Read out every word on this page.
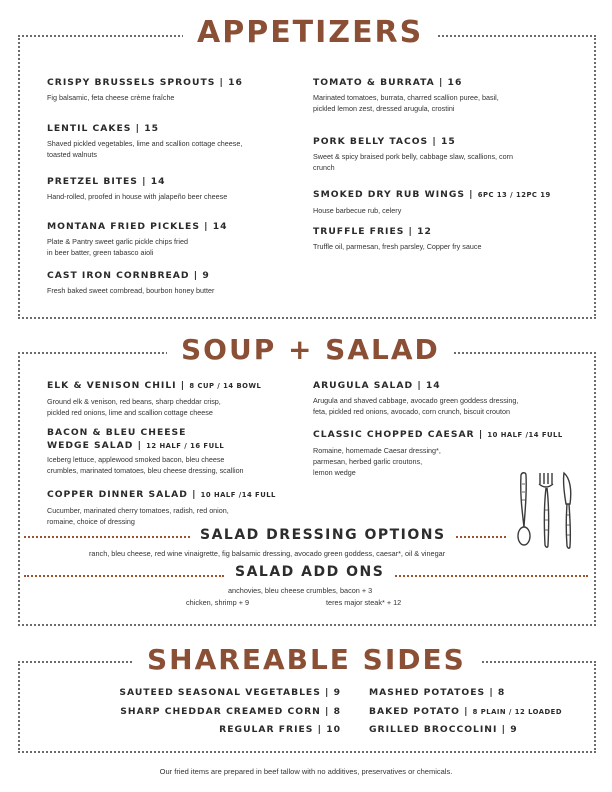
APPETIZERS
CRISPY BRUSSELS SPROUTS | 16
Fig balsamic, feta cheese crème fraîche
LENTIL CAKES | 15
Shaved pickled vegetables, lime and scallion cottage cheese,
toasted walnuts
PRETZEL BITES | 14
Hand-rolled, proofed in house with jalapeño beer cheese
MONTANA FRIED PICKLES | 14
Plate & Pantry sweet garlic pickle chips fried
in beer batter, green tabasco aioli
CAST IRON CORNBREAD | 9
Fresh baked sweet cornbread, bourbon honey butter
TOMATO & BURRATA | 16
Marinated tomatoes, burrata, charred scallion puree, basil,
pickled lemon zest, dressed arugula, crostini
PORK BELLY TACOS | 15
Sweet & spicy braised pork belly, cabbage slaw, scallions, corn
crunch
SMOKED DRY RUB WINGS | 6PC 13 / 12PC 19
House barbecue rub, celery
TRUFFLE FRIES | 12
Truffle oil, parmesan, fresh parsley, Copper fry sauce
SOUP + SALAD
ELK & VENISON CHILI | 8 CUP / 14 BOWL
Ground elk & venison, red beans, sharp cheddar crisp,
pickled red onions, lime and scallion cottage cheese
BACON & BLEU CHEESE
WEDGE SALAD | 12 HALF / 16 FULL
Iceberg lettuce, applewood smoked bacon, bleu cheese
crumbles, marinated tomatoes, bleu cheese dressing, scallion
COPPER DINNER SALAD | 10 HALF /14 FULL
Cucumber, marinated cherry tomatoes, radish, red onion,
romaine, choice of dressing
ARUGULA SALAD | 14
Arugula and shaved cabbage, avocado green goddess dressing,
feta, pickled red onions, avocado, corn crunch, biscuit crouton
CLASSIC CHOPPED CAESAR | 10 HALF /14 FULL
Romaine, homemade Caesar dressing*,
parmesan, herbed garlic croutons,
lemon wedge
SALAD DRESSING OPTIONS
ranch, bleu cheese, red wine vinaigrette, fig balsamic dressing, avocado green goddess, caesar*, oil & vinegar
SALAD ADD ONS
anchovies, bleu cheese crumbles, bacon + 3
chicken, shrimp + 9	teres major steak* + 12
SHAREABLE SIDES
SAUTEED SEASONAL VEGETABLES | 9
SHARP CHEDDAR CREAMED CORN | 8
REGULAR FRIES | 10
MASHED POTATOES | 8
BAKED POTATO | 8 PLAIN / 12 LOADED
GRILLED BROCCOLINI | 9
Our fried items are prepared in beef tallow with no additives, preservatives or chemicals.
